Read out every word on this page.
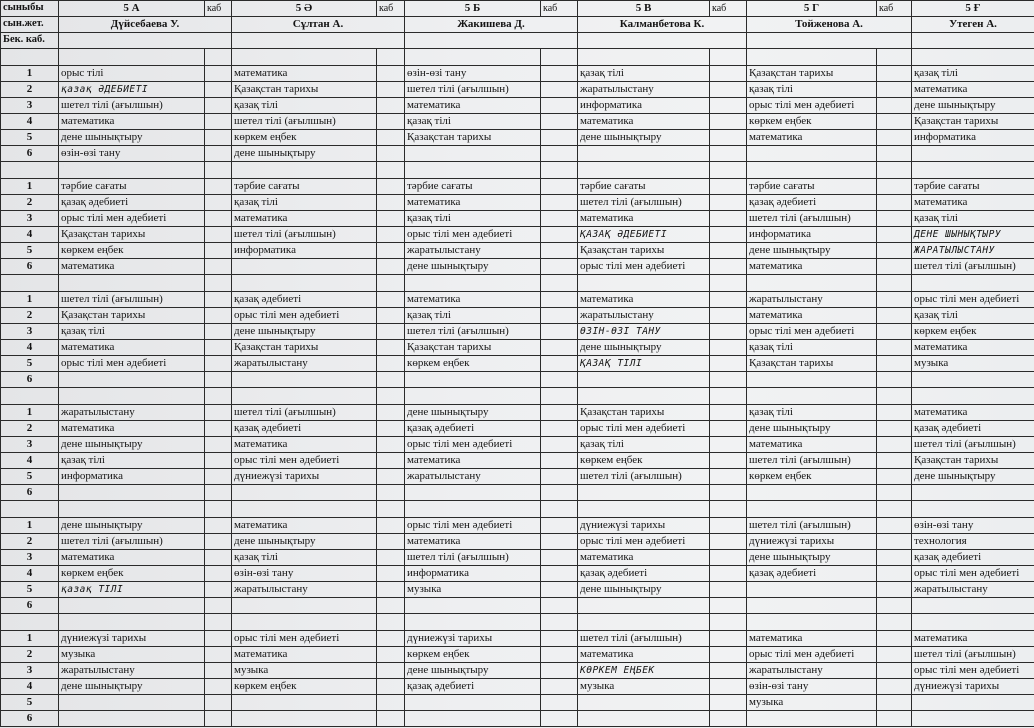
сыныбы	5 А	каб	5 Ә	каб	5 Б	каб	5 В	каб	5 Г	каб	5 Ғ
сын.жет.	Дүйсебаева У.		Сұлтан А.		Жакишева Д.		Калманбетова К.		Тойженова А.		Утеген А.
Бек. каб.											

1	орыс тілі		математика		өзін-өзі тану		қазақ тілі		Қазақстан тарихы		қазақ тілі
2	қазақ ӘДЕБИЕТІ		Қазақстан тарихы		шетел тілі (ағылшын)		жаратылыстану		қазақ тілі		математика
3	шетел тілі (ағылшын)		қазақ тілі		математика		информатика		орыс тілі мен әдебиеті		дене шынықтыру
4	математика		шетел тілі (ағылшын)		қазақ тілі		математика		көркем еңбек		Қазақстан тарихы
5	дене шынықтыру		көркем еңбек		Қазақстан тарихы		дене шынықтыру		математика		информатика
6	өзін-өзі тану		дене шынықтыру								

1	тәрбие сағаты		тәрбие сағаты		тәрбие сағаты		тәрбие сағаты		тәрбие сағаты		тәрбие сағаты
2	қазақ әдебиеті		қазақ тілі		математика		шетел тілі (ағылшын)		қазақ әдебиеті		математика
3	орыс тілі мен әдебиеті		математика		қазақ тілі		математика		шетел тілі (ағылшын)		қазақ тілі
4	Қазақстан тарихы		шетел тілі (ағылшын)		орыс тілі мен әдебиеті		ҚАЗАҚ ӘДЕБИЕТІ		информатика		ДЕНЕ ШЫНЫҚТЫРУ
5	көркем еңбек		информатика		жаратылыстану		Қазақстан тарихы		дене шынықтыру		ЖАРАТЫЛЫСТАНУ
6	математика				дене шынықтыру		орыс тілі мен әдебиеті		математика		шетел тілі (ағылшын)

1	шетел тілі (ағылшын)		қазақ әдебиеті		математика		математика		жаратылыстану		орыс тілі мен әдебиеті
2	Қазақстан тарихы		орыс тілі мен әдебиеті		қазақ тілі		жаратылыстану		математика		қазақ тілі
3	қазақ тілі		дене шынықтыру		шетел тілі (ағылшын)		ӨЗІН-ӨЗІ ТАНУ		орыс тілі мен әдебиеті		көркем еңбек
4	математика		Қазақстан тарихы		Қазақстан тарихы		дене шынықтыру		қазақ тілі		математика
5	орыс тілі мен әдебиеті		жаратылыстану		көркем еңбек		ҚАЗАҚ ТІЛІ		Қазақстан тарихы		музыка
6											

1	жаратылыстану		шетел тілі (ағылшын)		дене шынықтыру		Қазақстан тарихы		қазақ тілі		математика
2	математика		қазақ әдебиеті		қазақ әдебиеті		орыс тілі мен әдебиеті		дене шынықтыру		қазақ әдебиеті
3	дене шынықтыру		математика		орыс тілі мен әдебиеті		қазақ тілі		математика		шетел тілі (ағылшын)
4	қазақ тілі		орыс тілі мен әдебиеті		математика		көркем еңбек		шетел тілі (ағылшын)		Қазақстан тарихы
5	информатика		дүниежүзі тарихы		жаратылыстану		шетел тілі (ағылшын)		көркем еңбек		дене шынықтыру
6											

1	дене шынықтыру		математика		орыс тілі мен әдебиеті		дүниежүзі тарихы		шетел тілі (ағылшын)		өзін-өзі тану
2	шетел тілі (ағылшын)		дене шынықтыру		математика		орыс тілі мен әдебиеті		дүниежүзі тарихы		технология
3	математика		қазақ тілі		шетел тілі (ағылшын)		математика		дене шынықтыру		қазақ әдебиеті
4	көркем еңбек		өзін-өзі тану		информатика		қазақ әдебиеті		қазақ әдебиеті		орыс тілі мен әдебиеті
5	қазақ ТІЛІ		жаратылыстану		музыка		дене шынықтыру				жаратылыстану
6											

1	дүниежүзі тарихы		орыс тілі мен әдебиеті		дүниежүзі тарихы		шетел тілі (ағылшын)		математика		математика
2	музыка		математика		көркем еңбек		математика		орыс тілі мен әдебиеті		шетел тілі (ағылшын)
3	жаратылыстану		музыка		дене шынықтыру		КӨРКЕМ ЕҢБЕК		жаратылыстану		орыс тілі мен әдебиеті
4	дене шынықтыру		көркем еңбек		қазақ әдебиеті		музыка		өзін-өзі тану		дүниежүзі тарихы
5									музыка		
6											
